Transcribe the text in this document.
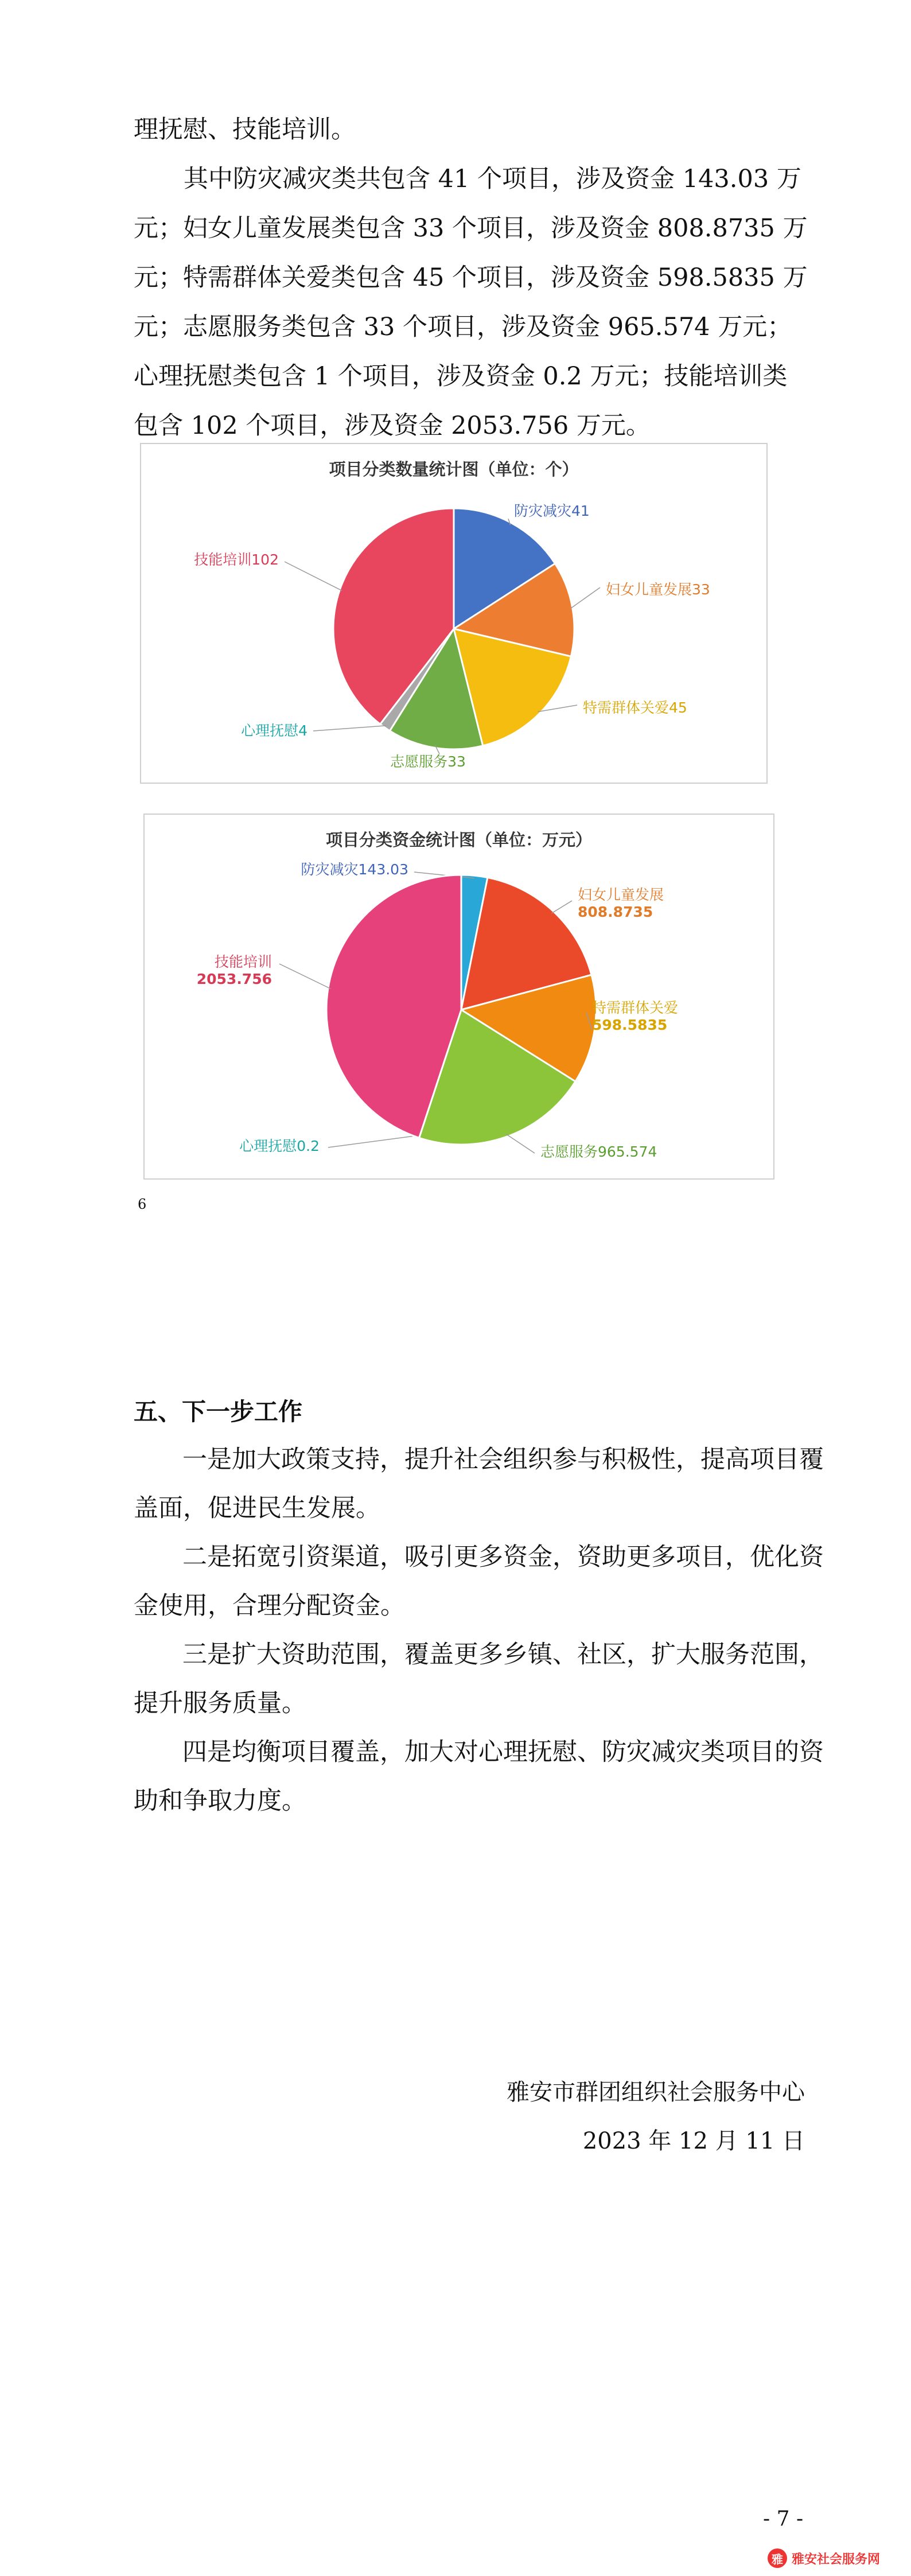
理抚慰、技能培训。
其中防灾减灾类共包含 41 个项目，涉及资金 143.03 万
元；妇女儿童发展类包含 33 个项目，涉及资金 808.8735 万
元；特需群体关爱类包含 45 个项目，涉及资金 598.5835 万
元；志愿服务类包含 33 个项目，涉及资金 965.574 万元；
心理抚慰类包含 1 个项目，涉及资金 0.2 万元；技能培训类
包含 102 个项目，涉及资金 2053.756 万元。
项目分类数量统计图（单位：个）
防灾减灾41
妇女儿童发展33
特需群体关爱45
志愿服务33
心理抚慰4
技能培训102
项目分类资金统计图（单位：万元）
防灾减灾143.03
妇女儿童发展
808.8735
特需群体关爱
598.5835
志愿服务965.574
心理抚慰0.2
技能培训
2053.756
6
五、下一步工作
一是加大政策支持，提升社会组织参与积极性，提高项目覆
盖面，促进民生发展。
二是拓宽引资渠道，吸引更多资金，资助更多项目，优化资
金使用，合理分配资金。
三是扩大资助范围，覆盖更多乡镇、社区，扩大服务范围，
提升服务质量。
四是均衡项目覆盖，加大对心理抚慰、防灾减灾类项目的资
助和争取力度。
雅安市群团组织社会服务中心
2023 年 12 月 11 日
- 7 -
雅 雅安社会服务网
